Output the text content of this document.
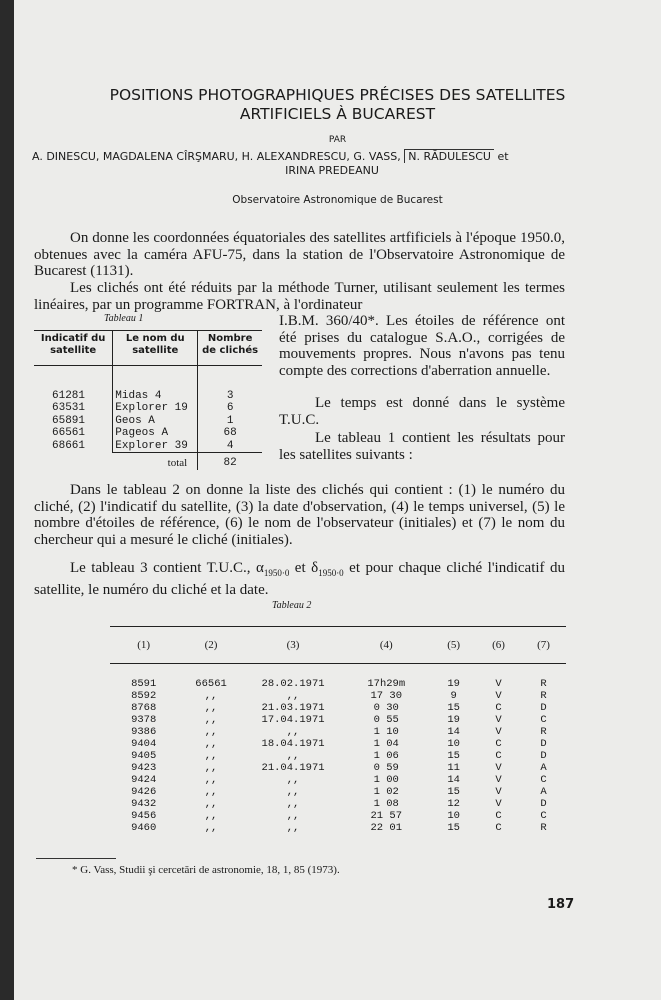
POSITIONS PHOTOGRAPHIQUES PRÉCISES DES SATELLITES
ARTIFICIELS À BUCAREST
PAR
A. DINESCU, MAGDALENA CÎRŞMARU, H. ALEXANDRESCU, G. VASS, N. RĂDULESCU et
IRINA PREDEANU
Observatoire Astronomique de Bucarest
On donne les coordonnées équatoriales des satellites artfificiels à l'époque 1950.0, obtenues avec la caméra AFU-75, dans la station de l'Observatoire Astronomique de Bucarest (1131).
Les clichés ont été réduits par la méthode Turner, utilisant seulement les termes linéaires, par un programme FORTRAN, à l'ordinateur
Tableau 1
Indicatif du satellite	Le nom du satellite	Nombre de clichés

61281	Midas 4	3
63531	Explorer 19	6
65891	Geos A	1
66561	Pageos A	68
68661	Explorer 39	4
	total	82
I.B.M. 360/40*. Les étoiles de référence ont été prises du catalogue S.A.O., corrigées de mouvements propres. Nous n'avons pas tenu compte des corrections d'aberration annuelle.
Le temps est donné dans le système T.U.C.
Le tableau 1 contient les résultats pour les satellites suivants :
Dans le tableau 2 on donne la liste des clichés qui contient : (1) le numéro du cliché, (2) l'indicatif du satellite, (3) la date d'observation, (4) le temps universel, (5) le nombre d'étoiles de référence, (6) le nom de l'observateur (initiales) et (7) le nom du chercheur qui a mesuré le cliché (initiales).
Le tableau 3 contient T.U.C., $\alpha_{1950\cdot 0}$ et $\delta_{1950\cdot 0}$ et pour chaque cliché l'indicatif du satellite, le numéro du cliché et la date.
Tableau 2
(1)	(2)	(3)	(4)	(5)	(6)	(7)

8591	66561	28.02.1971	17h29m	19	V	R
8592	,,	,,	17 30	9	V	R
8768	,,	21.03.1971	0 30	15	C	D
9378	,,	17.04.1971	0 55	19	V	C
9386	,,	,,	1 10	14	V	R
9404	,,	18.04.1971	1 04	10	C	D
9405	,,	,,	1 06	15	C	D
9423	,,	21.04.1971	0 59	11	V	A
9424	,,	,,	1 00	14	V	C
9426	,,	,,	1 02	15	V	A
9432	,,	,,	1 08	12	V	D
9456	,,	,,	21 57	10	C	C
9460	,,	,,	22 01	15	C	R
* G. Vass, Studii şi cercetări de astronomie, 18, 1, 85 (1973).
187
